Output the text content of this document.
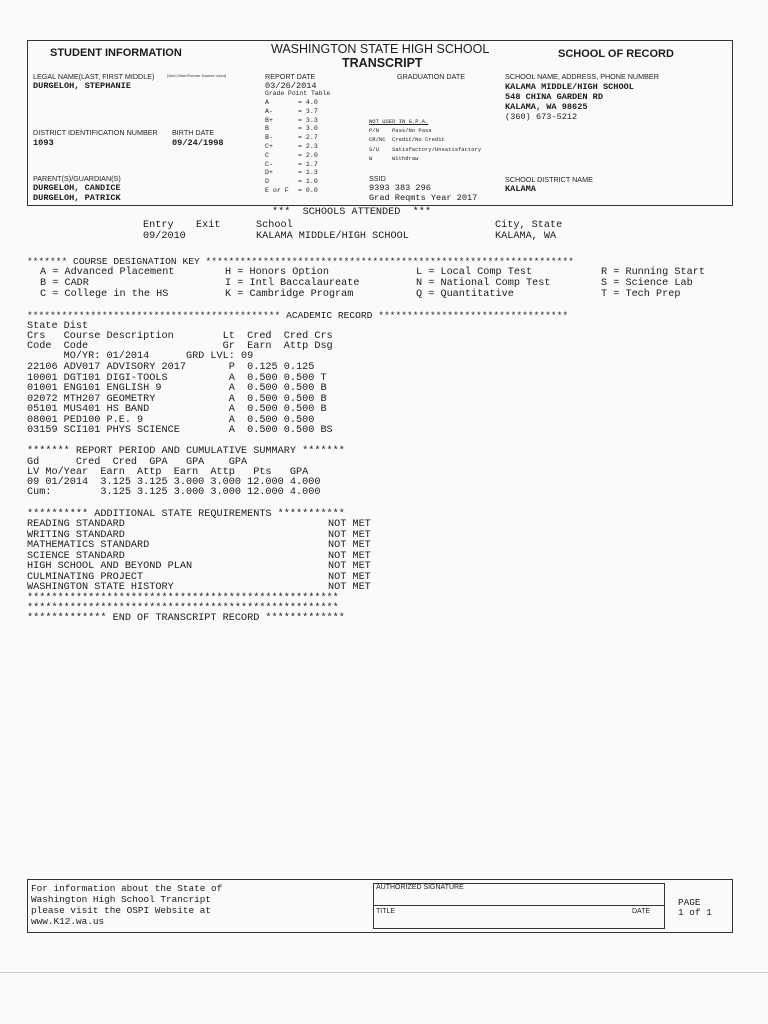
STUDENT INFORMATION	WASHINGTON STATE HIGH SCHOOL
TRANSCRIPT
SCHOOL OF RECORD
LEGAL NAME(LAST, FIRST MIDDLE)	(And Other/Former Names Used)
DURGELOH, STEPHANIE
DISTRICT IDENTIFICATION NUMBER BIRTH DATE
1093	09/24/1998
PARENT(S)/GUARDIAN(S)
DURGELOH, CANDICE
DURGELOH, PATRICK
REPORT DATE
03/26/2014
Grade Point Table
A	= 4.0
A-	= 3.7
B+	= 3.3
B	= 3.0
B-	= 2.7
C+	= 2.3
C	= 2.0
C-	= 1.7
D+	= 1.3
D	= 1.0
E or F = 0.0
GRADUATION DATE
NOT USED IN G.P.A.
P/N Pass/No Pass
CR/NC Credit/No Credit
S/U Satisfactory/Unsatisfactory
W	Withdraw
SSID
9393 383 296
Grad Reqmts Year 2017
SCHOOL NAME, ADDRESS, PHONE NUMBER
KALAMA MIDDLE/HIGH SCHOOL
548 CHINA GARDEN RD
KALAMA, WA 98625
(360) 673-5212
SCHOOL DISTRICT NAME
KALAMA
***  SCHOOLS ATTENDED  ***
Entry Exit	School	City, State
09/2010	KALAMA MIDDLE/HIGH SCHOOL	KALAMA, WA
******* COURSE DESIGNATION KEY ****************************************************************
A = Advanced Placement	H = Honors Option	L = Local Comp Test	R = Running Start
B = CADR	I = Intl Baccalaureate	N = National Comp Test	S = Science Lab
C = College in the HS	K = Cambridge Program	Q = Quantitative	T = Tech Prep
******************************************** ACADEMIC RECORD *********************************
State Dist
Crs   Course Description        Lt  Cred  Cred Crs
Code  Code                      Gr  Earn  Attp Dsg
MO/YR: 01/2014      GRD LVL: 09
22106 ADV017 ADVISORY 2017       P  0.125 0.125
10001 DGT101 DIGI-TOOLS          A  0.500 0.500 T
01001 ENG101 ENGLISH 9           A  0.500 0.500 B
02072 MTH207 GEOMETRY            A  0.500 0.500 B
05101 MUS401 HS BAND             A  0.500 0.500 B
08001 PED100 P.E. 9              A  0.500 0.500
03159 SCI101 PHYS SCIENCE        A  0.500 0.500 BS
******* REPORT PERIOD AND CUMULATIVE SUMMARY *******
Gd      Cred  Cred  GPA   GPA    GPA
LV Mo/Year  Earn  Attp  Earn  Attp   Pts   GPA
09 01/2014  3.125 3.125 3.000 3.000 12.000 4.000
Cum:        3.125 3.125 3.000 3.000 12.000 4.000
********** ADDITIONAL STATE REQUIREMENTS ***********
READING STANDARD	NOT MET
WRITING STANDARD	NOT MET
MATHEMATICS STANDARD	NOT MET
SCIENCE STANDARD	NOT MET
HIGH SCHOOL AND BEYOND PLAN	NOT MET
CULMINATING PROJECT	NOT MET
WASHINGTON STATE HISTORY	NOT MET
***************************************************
***************************************************
************* END OF TRANSCRIPT RECORD *************
For information about the State of
Washington High School Trancript
please visit the OSPI Website at
www.K12.wa.us
AUTHORIZED SIGNATURE
TITLE	DATE
PAGE
1 of 1
